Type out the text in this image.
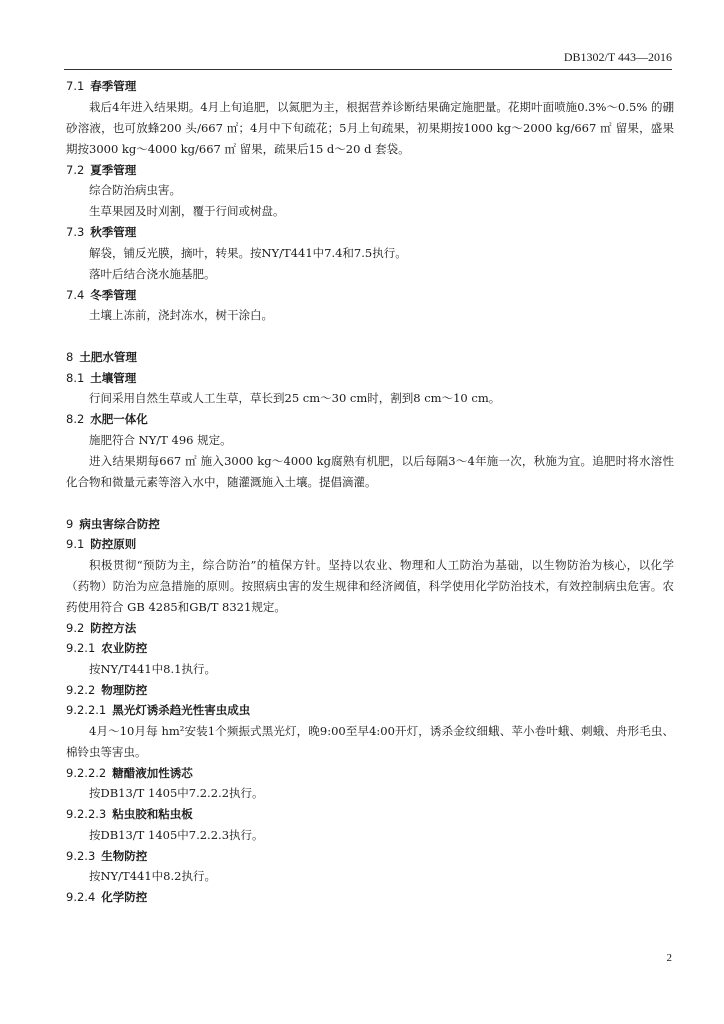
DB1302/T 443—2016
7.1 春季管理
栽后4年进入结果期。4月上旬追肥，以氮肥为主，根据营养诊断结果确定施肥量。花期叶面喷施0.3%～0.5% 的硼砂溶液，也可放蜂200 头/667 ㎡；4月中下旬疏花；5月上旬疏果，初果期按1000 kg～2000 kg/667 ㎡ 留果，盛果期按3000 kg～4000 kg/667 ㎡ 留果，疏果后15 d～20 d 套袋。
7.2 夏季管理
综合防治病虫害。
生草果园及时刈割，覆于行间或树盘。
7.3 秋季管理
解袋，铺反光膜，摘叶，转果。按NY/T441中7.4和7.5执行。
落叶后结合浇水施基肥。
7.4 冬季管理
土壤上冻前，浇封冻水，树干涂白。
8 土肥水管理
8.1 土壤管理
行间采用自然生草或人工生草，草长到25 cm～30 cm时，割到8 cm～10 cm。
8.2 水肥一体化
施肥符合 NY/T 496 规定。
进入结果期每667 ㎡ 施入3000 kg～4000 kg腐熟有机肥，以后每隔3～4年施一次，秋施为宜。追肥时将水溶性化合物和微量元素等溶入水中，随灌溉施入土壤。提倡滴灌。
9 病虫害综合防控
9.1 防控原则
积极贯彻“预防为主，综合防治”的植保方针。坚持以农业、物理和人工防治为基础，以生物防治为核心，以化学（药物）防治为应急措施的原则。按照病虫害的发生规律和经济阈值，科学使用化学防治技术，有效控制病虫危害。农药使用符合 GB 4285和GB/T 8321规定。
9.2 防控方法
9.2.1 农业防控
按NY/T441中8.1执行。
9.2.2 物理防控
9.2.2.1 黑光灯诱杀趋光性害虫成虫
4月～10月每 hm²安装1个频振式黑光灯，晚9:00至早4:00开灯，诱杀金纹细蛾、苹小卷叶蛾、刺蛾、舟形毛虫、棉铃虫等害虫。
9.2.2.2 糖醋液加性诱芯
按DB13/T 1405中7.2.2.2执行。
9.2.2.3 粘虫胶和粘虫板
按DB13/T 1405中7.2.2.3执行。
9.2.3 生物防控
按NY/T441中8.2执行。
9.2.4 化学防控
2
